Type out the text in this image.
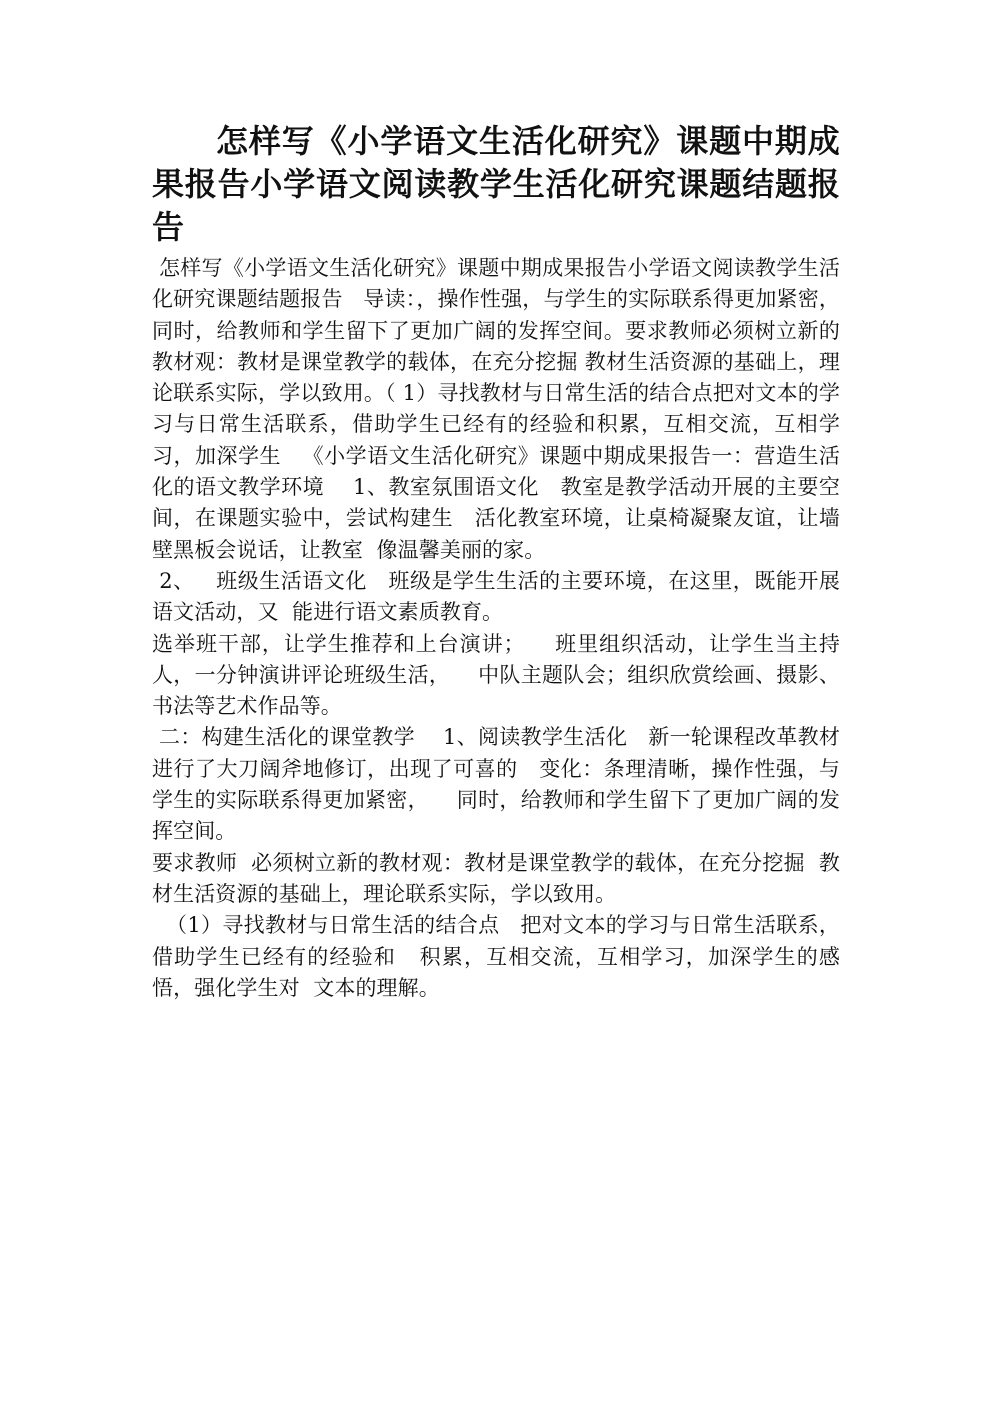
怎样写《小学语文生活化研究》课题中期成果报告小学语文阅读教学生活化研究课题结题报告

怎样写《小学语文生活化研究》课题中期成果报告小学语文阅读教学生活化研究课题结题报告   导读：，操作性强，与学生的实际联系得更加紧密，同时，给教师和学生留下了更加广阔的发挥空间。要求教师必须树立新的教材观：教材是课堂教学的载体，在充分挖掘 教材生活资源的基础上，理论联系实际，学以致用。（ 1）寻找教材与日常生活的结合点把对文本的学习与日常生活联系，借助学生已经有的经验和积累，互相交流，互相学习，加深学生   《小学语文生活化研究》课题中期成果报告一：营造生活化的语文教学环境    1、教室氛围语文化   教室是教学活动开展的主要空间，在课题实验中，尝试构建生   活化教室环境，让桌椅凝聚友谊，让墙壁黑板会说话，让教室  像温馨美丽的家。

2、   班级生活语文化   班级是学生生活的主要环境，在这里，既能开展语文活动，又  能进行语文素质教育。

选举班干部，让学生推荐和上台演讲；    班里组织活动，让学生当主持人，一分钟演讲评论班级生活，    中队主题队会；组织欣赏绘画、摄影、书法等艺术作品等。

二：构建生活化的课堂教学    1、阅读教学生活化   新一轮课程改革教材进行了大刀阔斧地修订，出现了可喜的   变化：条理清晰，操作性强，与学生的实际联系得更加紧密，    同时，给教师和学生留下了更加广阔的发挥空间。

要求教师  必须树立新的教材观：教材是课堂教学的载体，在充分挖掘  教材生活资源的基础上，理论联系实际，学以致用。

（1）寻找教材与日常生活的结合点   把对文本的学习与日常生活联系，借助学生已经有的经验和   积累，互相交流，互相学习，加深学生的感悟，强化学生对  文本的理解。
